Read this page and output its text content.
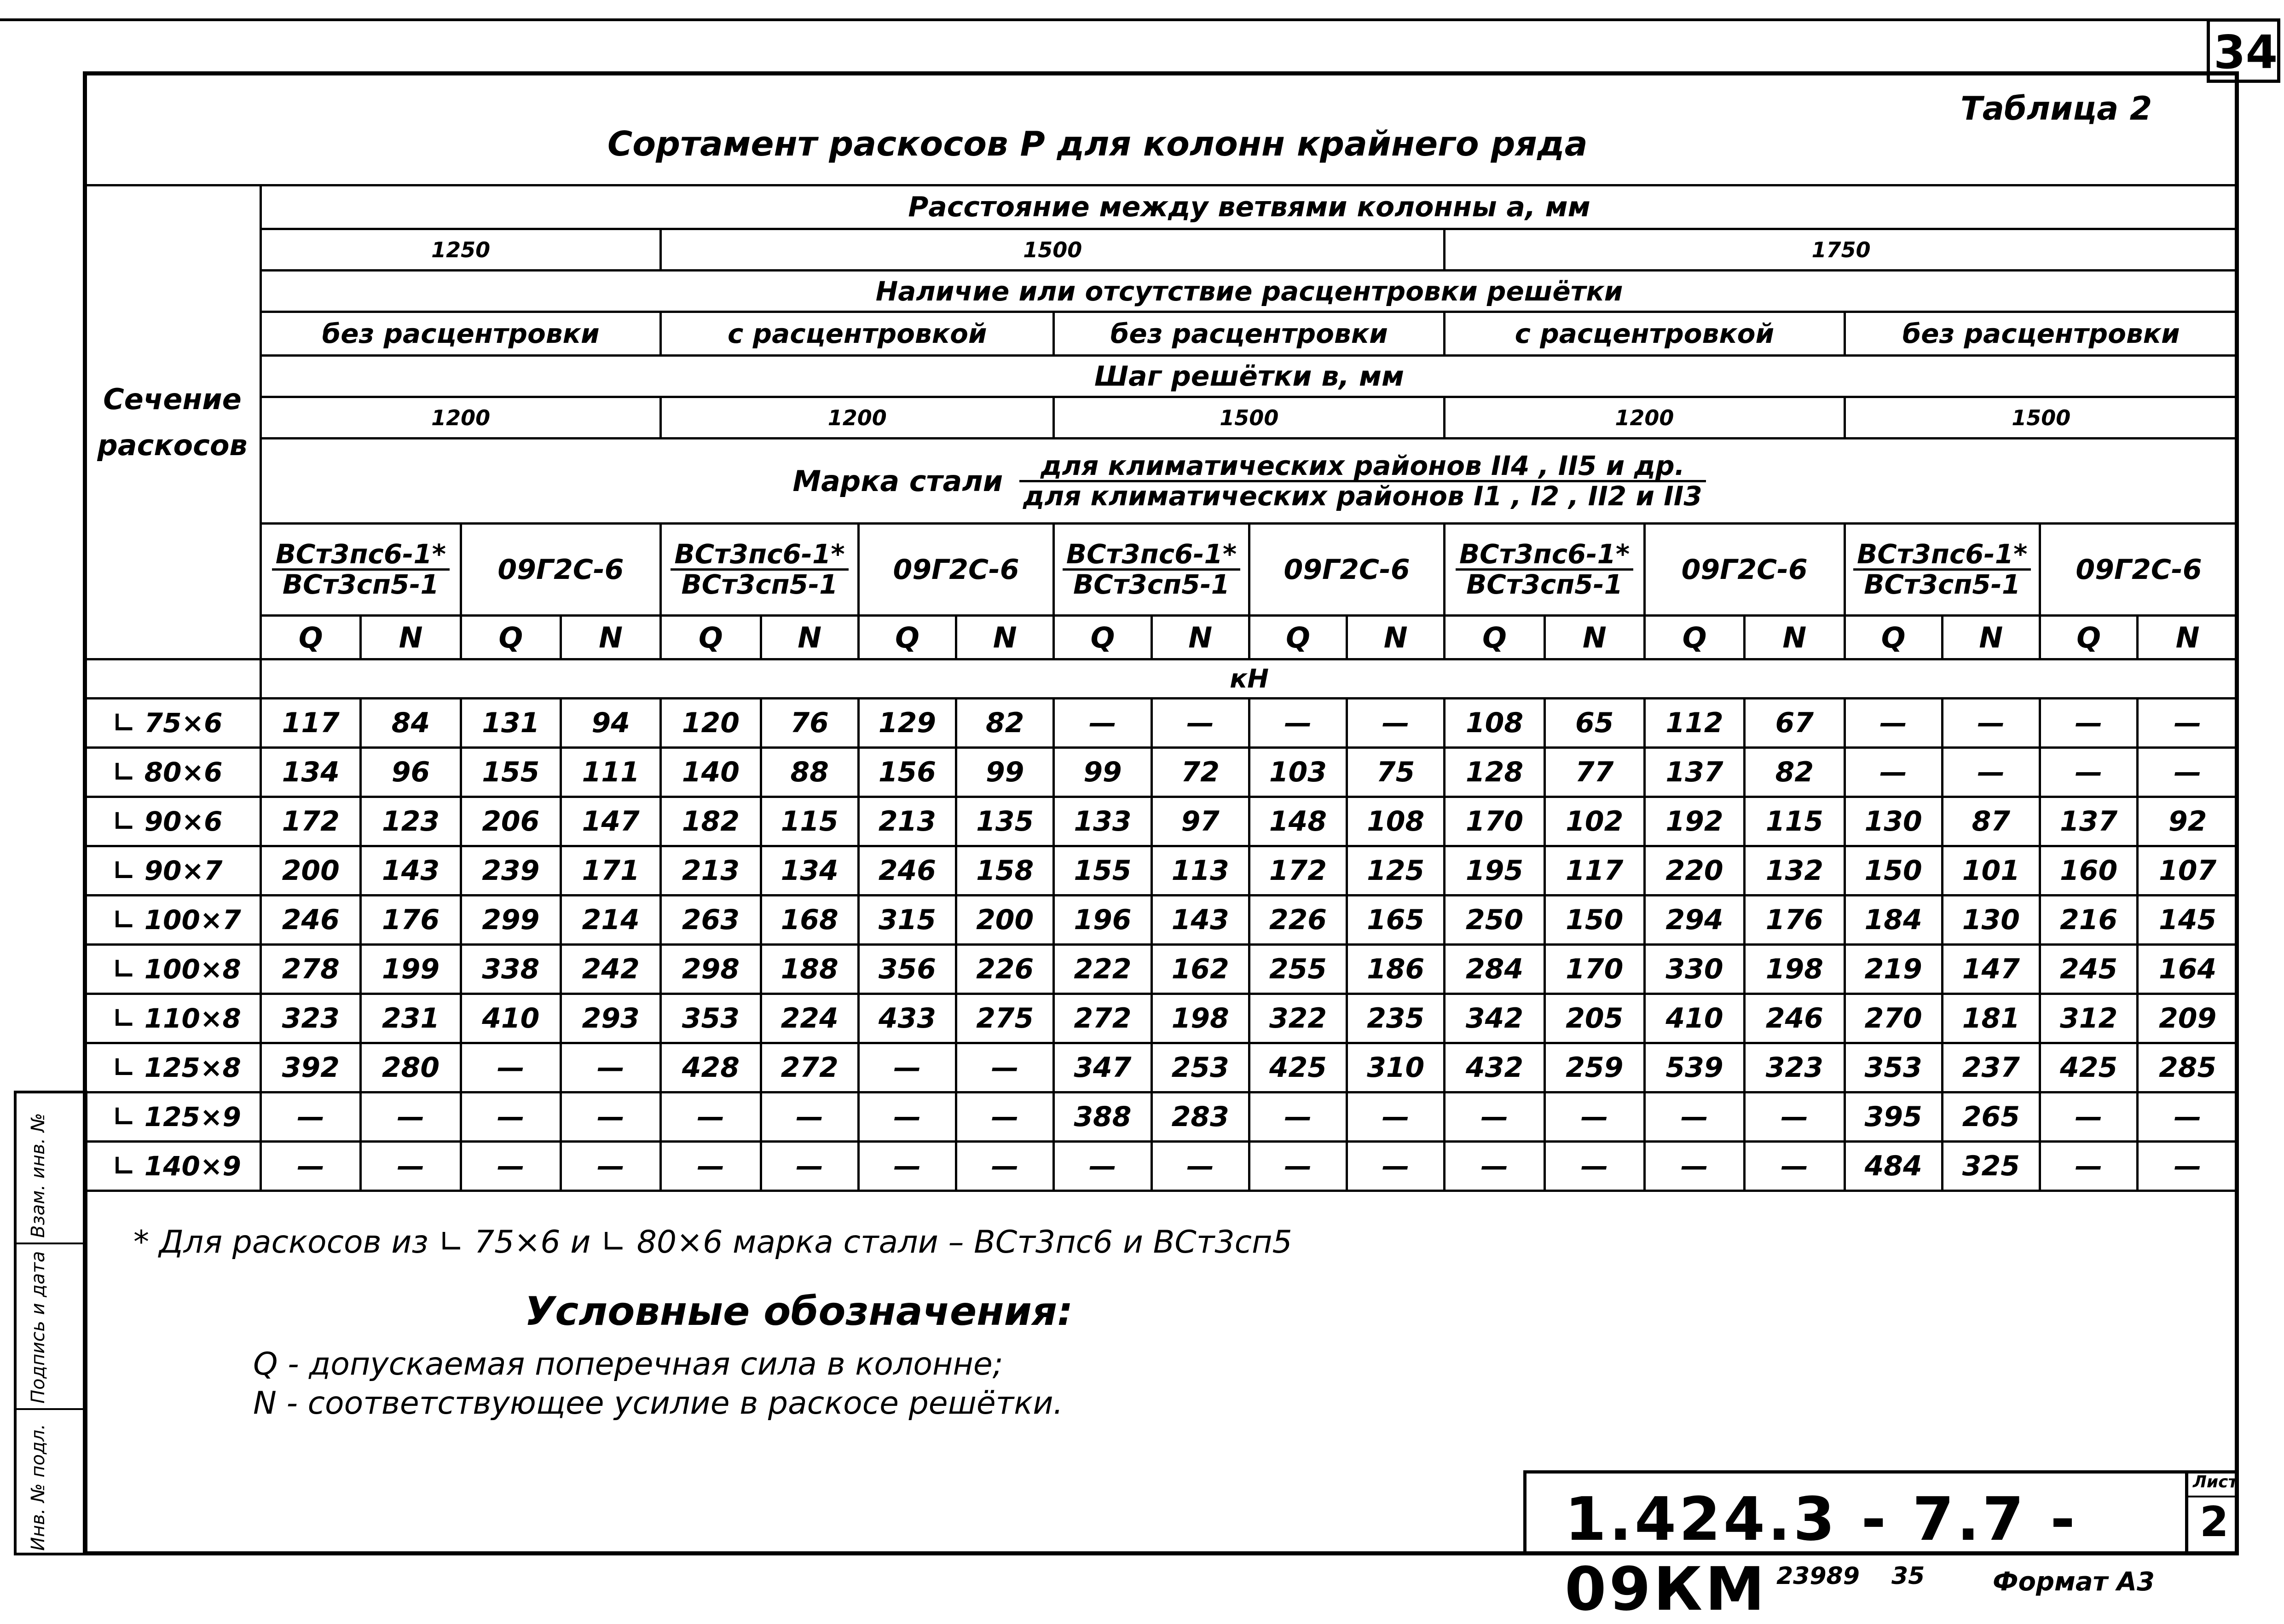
34
Взам. инв. №
Подпись и дата
Инв. № подл.
Таблица 2
Сортамент раскосов Р для колонн крайнего ряда
Сечение
раскосов	Расстояние между ветвями колонны а, мм																			
	1250				1500								1750							
	Наличие или отсутствие расцентровки решётки																			
	без расцентровки				с расцентровкой				без расцентровки				с расцентровкой				без расцентровки			
	Шаг решётки в, мм																			
	1200				1200				1500				1200				1500			
	Марка стали $\frac{\text{для климатических районов II4 , II5 и др.}}{\text{для климатических районов I1 , I2 , II2 и II3}}$

	$\frac{\text{ВСт3пс6-1*}}{\text{ВСт3сп5-1}}$		09Г2С-6		$\frac{\text{ВСт3пс6-1*}}{\text{ВСт3сп5-1}}$		09Г2С-6		$\frac{\text{ВСт3пс6-1*}}{\text{ВСт3сп5-1}}$		09Г2С-6		$\frac{\text{ВСт3пс6-1*}}{\text{ВСт3сп5-1}}$		09Г2С-6		$\frac{\text{ВСт3пс6-1*}}{\text{ВСт3сп5-1}}$		09Г2С-6	
	Q	N	Q	N	Q	N	Q	N	Q	N	Q	N	Q	N	Q	N	Q	N	Q	N
	кН																			
∟ 75×6	117	84	131	94	120	76	129	82	—	—	—	—	108	65	112	67	—	—	—	—
∟ 80×6	134	96	155	111	140	88	156	99	99	72	103	75	128	77	137	82	—	—	—	—
∟ 90×6	172	123	206	147	182	115	213	135	133	97	148	108	170	102	192	115	130	87	137	92
∟ 90×7	200	143	239	171	213	134	246	158	155	113	172	125	195	117	220	132	150	101	160	107
∟ 100×7	246	176	299	214	263	168	315	200	196	143	226	165	250	150	294	176	184	130	216	145
∟ 100×8	278	199	338	242	298	188	356	226	222	162	255	186	284	170	330	198	219	147	245	164
∟ 110×8	323	231	410	293	353	224	433	275	272	198	322	235	342	205	410	246	270	181	312	209
∟ 125×8	392	280	—	—	428	272	—	—	347	253	425	310	432	259	539	323	353	237	425	285
∟ 125×9	—	—	—	—	—	—	—	—	388	283	—	—	—	—	—	—	395	265	—	—
∟ 140×9	—	—	—	—	—	—	—	—	—	—	—	—	—	—	—	—	484	325	—	—
* Для раскосов из ∟ 75×6 и ∟ 80×6 марка стали – ВСт3пс6 и ВСт3сп5
Условные обозначения:
Q - допускаемая поперечная сила в колонне;
N - соответствующее усилие в раскосе решётки.
1.424.3 - 7.7 - 09КМ
Лист
2
23989 35	Формат А3
